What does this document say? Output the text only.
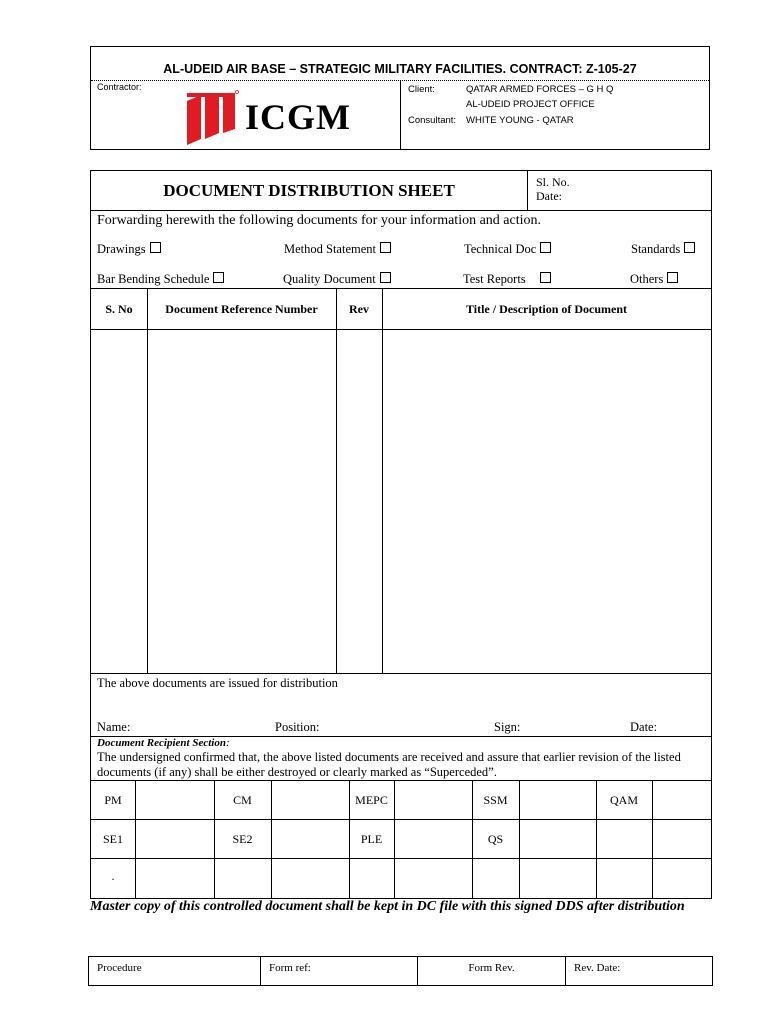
AL-UDEID AIR BASE – STRATEGIC MILITARY FACILITIES. CONTRACT: Z-105-27
Contractor:
ICGM
Client:	QATAR ARMED FORCES – G H Q
AL-UDEID PROJECT OFFICE
Consultant: WHITE YOUNG - QATAR
DOCUMENT DISTRIBUTION SHEET	Sl. No.
Date:
Forwarding herewith the following documents for your information and action.
Drawings	Method Statement	Technical Doc	Standards
Bar Bending Schedule	Quality Document	Test Reports	Others
S. No	Document Reference Number	Rev	Title / Description of Document
The above documents are issued for distribution
Name:	Position:	Sign:	Date:
Document Recipient Section:
The undersigned confirmed that, the above listed documents are received and assure that earlier revision of the listed documents (if any) shall be either destroyed or clearly marked as “Superceded”.
PM	CM	MEPC	SSM	QAM
SE1	SE2	PLE	QS
.
Master copy of this controlled document shall be kept in DC file with this signed DDS after distribution
Procedure	Form ref:	Form Rev.	Rev. Date:
